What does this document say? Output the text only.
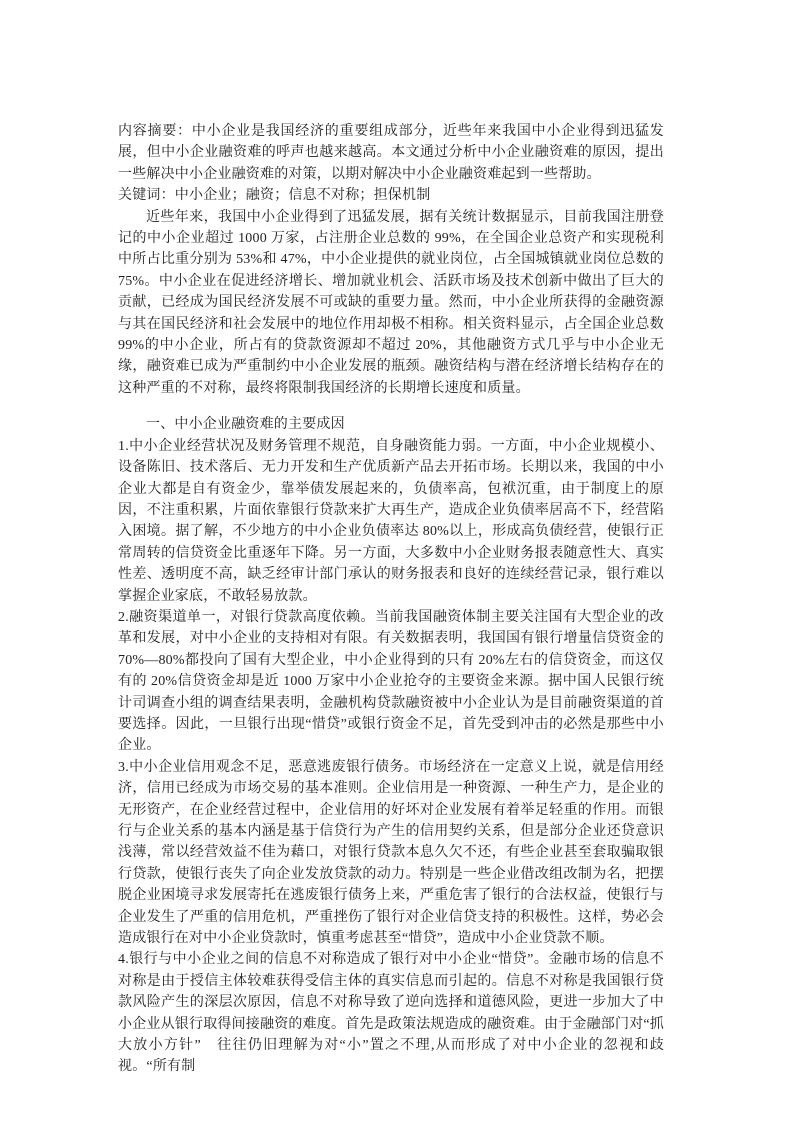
内容摘要：中小企业是我国经济的重要组成部分，近些年来我国中小企业得到迅猛发展，但中小企业融资难的呼声也越来越高。本文通过分析中小企业融资难的原因，提出一些解决中小企业融资难的对策，以期对解决中小企业融资难起到一些帮助。

关键词：中小企业；融资；信息不对称；担保机制

近些年来，我国中小企业得到了迅猛发展，据有关统计数据显示，目前我国注册登记的中小企业超过 1000 万家，占注册企业总数的 99%，在全国企业总资产和实现税利中所占比重分别为 53%和 47%，中小企业提供的就业岗位，占全国城镇就业岗位总数的 75%。中小企业在促进经济增长、增加就业机会、活跃市场及技术创新中做出了巨大的贡献，已经成为国民经济发展不可或缺的重要力量。然而，中小企业所获得的金融资源与其在国民经济和社会发展中的地位作用却极不相称。相关资料显示，占全国企业总数 99%的中小企业，所占有的贷款资源却不超过 20%，其他融资方式几乎与中小企业无缘，融资难已成为严重制约中小企业发展的瓶颈。融资结构与潜在经济增长结构存在的这种严重的不对称，最终将限制我国经济的长期增长速度和质量。

一、中小企业融资难的主要成因

1.中小企业经营状况及财务管理不规范，自身融资能力弱。一方面，中小企业规模小、设备陈旧、技术落后、无力开发和生产优质新产品去开拓市场。长期以来，我国的中小企业大都是自有资金少，靠举债发展起来的，负债率高，包袱沉重，由于制度上的原因，不注重积累，片面依靠银行贷款来扩大再生产，造成企业负债率居高不下，经营陷入困境。据了解，不少地方的中小企业负债率达 80%以上，形成高负债经营，使银行正常周转的信贷资金比重逐年下降。另一方面，大多数中小企业财务报表随意性大、真实性差、透明度不高，缺乏经审计部门承认的财务报表和良好的连续经营记录，银行难以掌握企业家底，不敢轻易放款。

2.融资渠道单一，对银行贷款高度依赖。当前我国融资体制主要关注国有大型企业的改革和发展，对中小企业的支持相对有限。有关数据表明，我国国有银行增量信贷资金的70%—80%都投向了国有大型企业，中小企业得到的只有 20%左右的信贷资金，而这仅有的 20%信贷资金却是近 1000 万家中小企业抢夺的主要资金来源。据中国人民银行统计司调查小组的调查结果表明，金融机构贷款融资被中小企业认为是目前融资渠道的首要选择。因此，一旦银行出现“惜贷”或银行资金不足，首先受到冲击的必然是那些中小企业。

3.中小企业信用观念不足，恶意逃废银行债务。市场经济在一定意义上说，就是信用经济，信用已经成为市场交易的基本准则。企业信用是一种资源、一种生产力，是企业的无形资产，在企业经营过程中，企业信用的好坏对企业发展有着举足轻重的作用。而银行与企业关系的基本内涵是基于信贷行为产生的信用契约关系，但是部分企业还贷意识浅薄，常以经营效益不佳为藉口，对银行贷款本息久欠不还，有些企业甚至套取骗取银行贷款，使银行丧失了向企业发放贷款的动力。特别是一些企业借改组改制为名，把摆脱企业困境寻求发展寄托在逃废银行债务上来，严重危害了银行的合法权益，使银行与企业发生了严重的信用危机，严重挫伤了银行对企业信贷支持的积极性。这样，势必会造成银行在对中小企业贷款时，慎重考虑甚至“惜贷”，造成中小企业贷款不顺。

4.银行与中小企业之间的信息不对称造成了银行对中小企业“惜贷”。金融市场的信息不对称是由于授信主体较难获得受信主体的真实信息而引起的。信息不对称是我国银行贷款风险产生的深层次原因，信息不对称导致了逆向选择和道德风险，更进一步加大了中小企业从银行取得间接融资的难度。首先是政策法规造成的融资难。由于金融部门对“抓大放小方针”　往往仍旧理解为对“小”置之不理,从而形成了对中小企业的忽视和歧视。“所有制
